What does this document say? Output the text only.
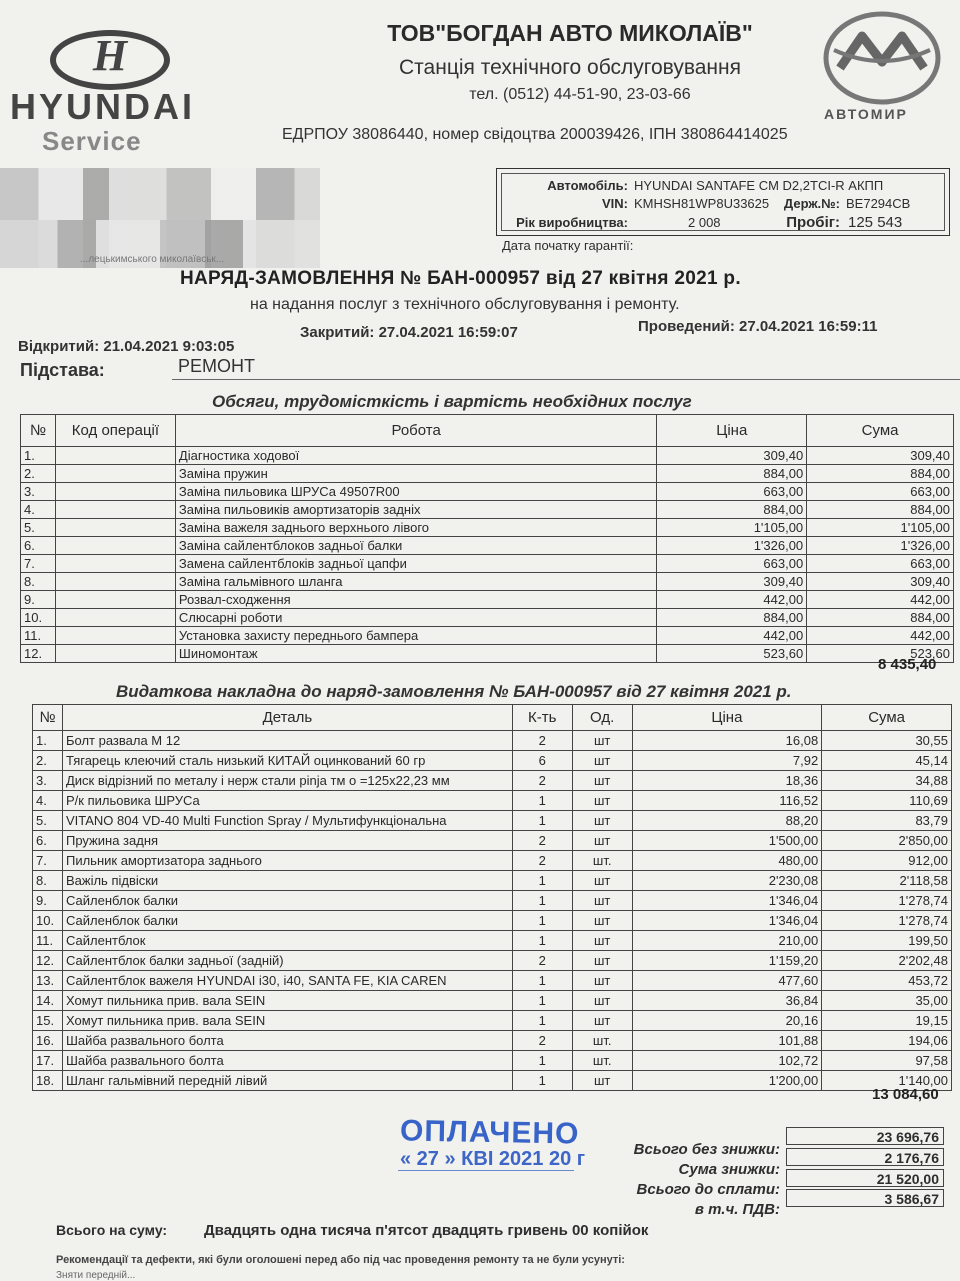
H
HYUNDAI
Service
ТОВ"БОГДАН АВТО МИКОЛАЇВ"
Станція технічного обслуговування
тел. (0512) 44-51-90, 23-03-66
ЕДРПОУ 38086440, номер свідоцтва 200039426, ІПН 380864414025
АВТОМИР
...лецькимського миколаївськ...
Автомобіль: HYUNDAI SANTAFE CM D2,2TCI-R АКПП
VIN: KMHSH81WP8U33625	Держ.№: ВЕ7294СВ
Рік виробництва:	2 008	Пробіг: 125 543
Дата початку гарантії:
НАРЯД-ЗАМОВЛЕННЯ № БАН-000957 від 27 квітня 2021 р.
на надання послуг з технічного обслуговування і ремонту.
Відкритий: 21.04.2021 9:03:05
Закритий: 27.04.2021 16:59:07	Проведений: 27.04.2021 16:59:11
Підстава:	РЕМОНТ
Обсяги, трудомісткість і вартість необхідних послуг
№	Код операції	Робота	Ціна	Сума
1.		Діагностика ходової	309,40	309,40
2.		Заміна пружин	884,00	884,00
3.		Заміна пильовика ШРУСа 49507R00	663,00	663,00
4.		Заміна пильовиків амортизаторів задніх	884,00	884,00
5.		Заміна важеля заднього верхнього лівого	1'105,00	1'105,00
6.		Заміна сайлентблоков задньої балки	1'326,00	1'326,00
7.		Замена сайлентблоків задньої цапфи	663,00	663,00
8.		Заміна гальмівного шланга	309,40	309,40
9.		Розвал-сходження	442,00	442,00
10.		Слюсарні роботи	884,00	884,00
11.		Установка захисту переднього бампера	442,00	442,00
12.		Шиномонтаж	523,60	523,60
8 435,40
Видаткова накладна до наряд-замовлення № БАН-000957 від 27 квітня 2021 р.
№	Деталь	К-ть	Од.	Ціна	Сума
1.	Болт развала М 12	2	шт	16,08	30,55
2.	Тягарець клеючий сталь низький КИТАЙ оцинкований 60 гр	6	шт	7,92	45,14
3.	Диск відрізний по металу і нерж стали pinja тм о =125х22,23 мм	2	шт	18,36	34,88
4.	Р/к пильовика ШРУСа	1	шт	116,52	110,69
5.	VITANO 804 VD-40 Multi Function Spray / Мультифункціональна	1	шт	88,20	83,79
6.	Пружина задня	2	шт	1'500,00	2'850,00
7.	Пильник амортизатора заднього	2	шт.	480,00	912,00
8.	Важіль підвіски	1	шт	2'230,08	2'118,58
9.	Сайленблок балки	1	шт	1'346,04	1'278,74
10.	Сайленблок балки	1	шт	1'346,04	1'278,74
11.	Сайлентблок	1	шт	210,00	199,50
12.	Сайлентблок балки задньої (задній)	2	шт	1'159,20	2'202,48
13.	Сайлентблок важеля HYUNDAI i30, i40, SANTA FE, KIA CAREN	1	шт	477,60	453,72
14.	Хомут пильника прив. вала SEIN	1	шт	36,84	35,00
15.	Хомут пильника прив. вала SEIN	1	шт	20,16	19,15
16.	Шайба развального болта	2	шт.	101,88	194,06
17.	Шайба развального болта	1	шт.	102,72	97,58
18.	Шланг гальмівний передній лівий	1	шт	1'200,00	1'140,00
13 084,60
ОПЛАЧЕНО
« 27 » КВІ 2021 20 г	Всього без знижки:
23 696,76
Сума знижки:
2 176,76
Всього до сплати:
21 520,00
в т.ч. ПДВ:
3 586,67
Всього на суму: Двадцять одна тисяча п'ятсот двадцять гривень 00 копійок
Рекомендації та дефекти, які були оголошені перед або під час проведення ремонту та не були усунуті:
Зняти передній...
